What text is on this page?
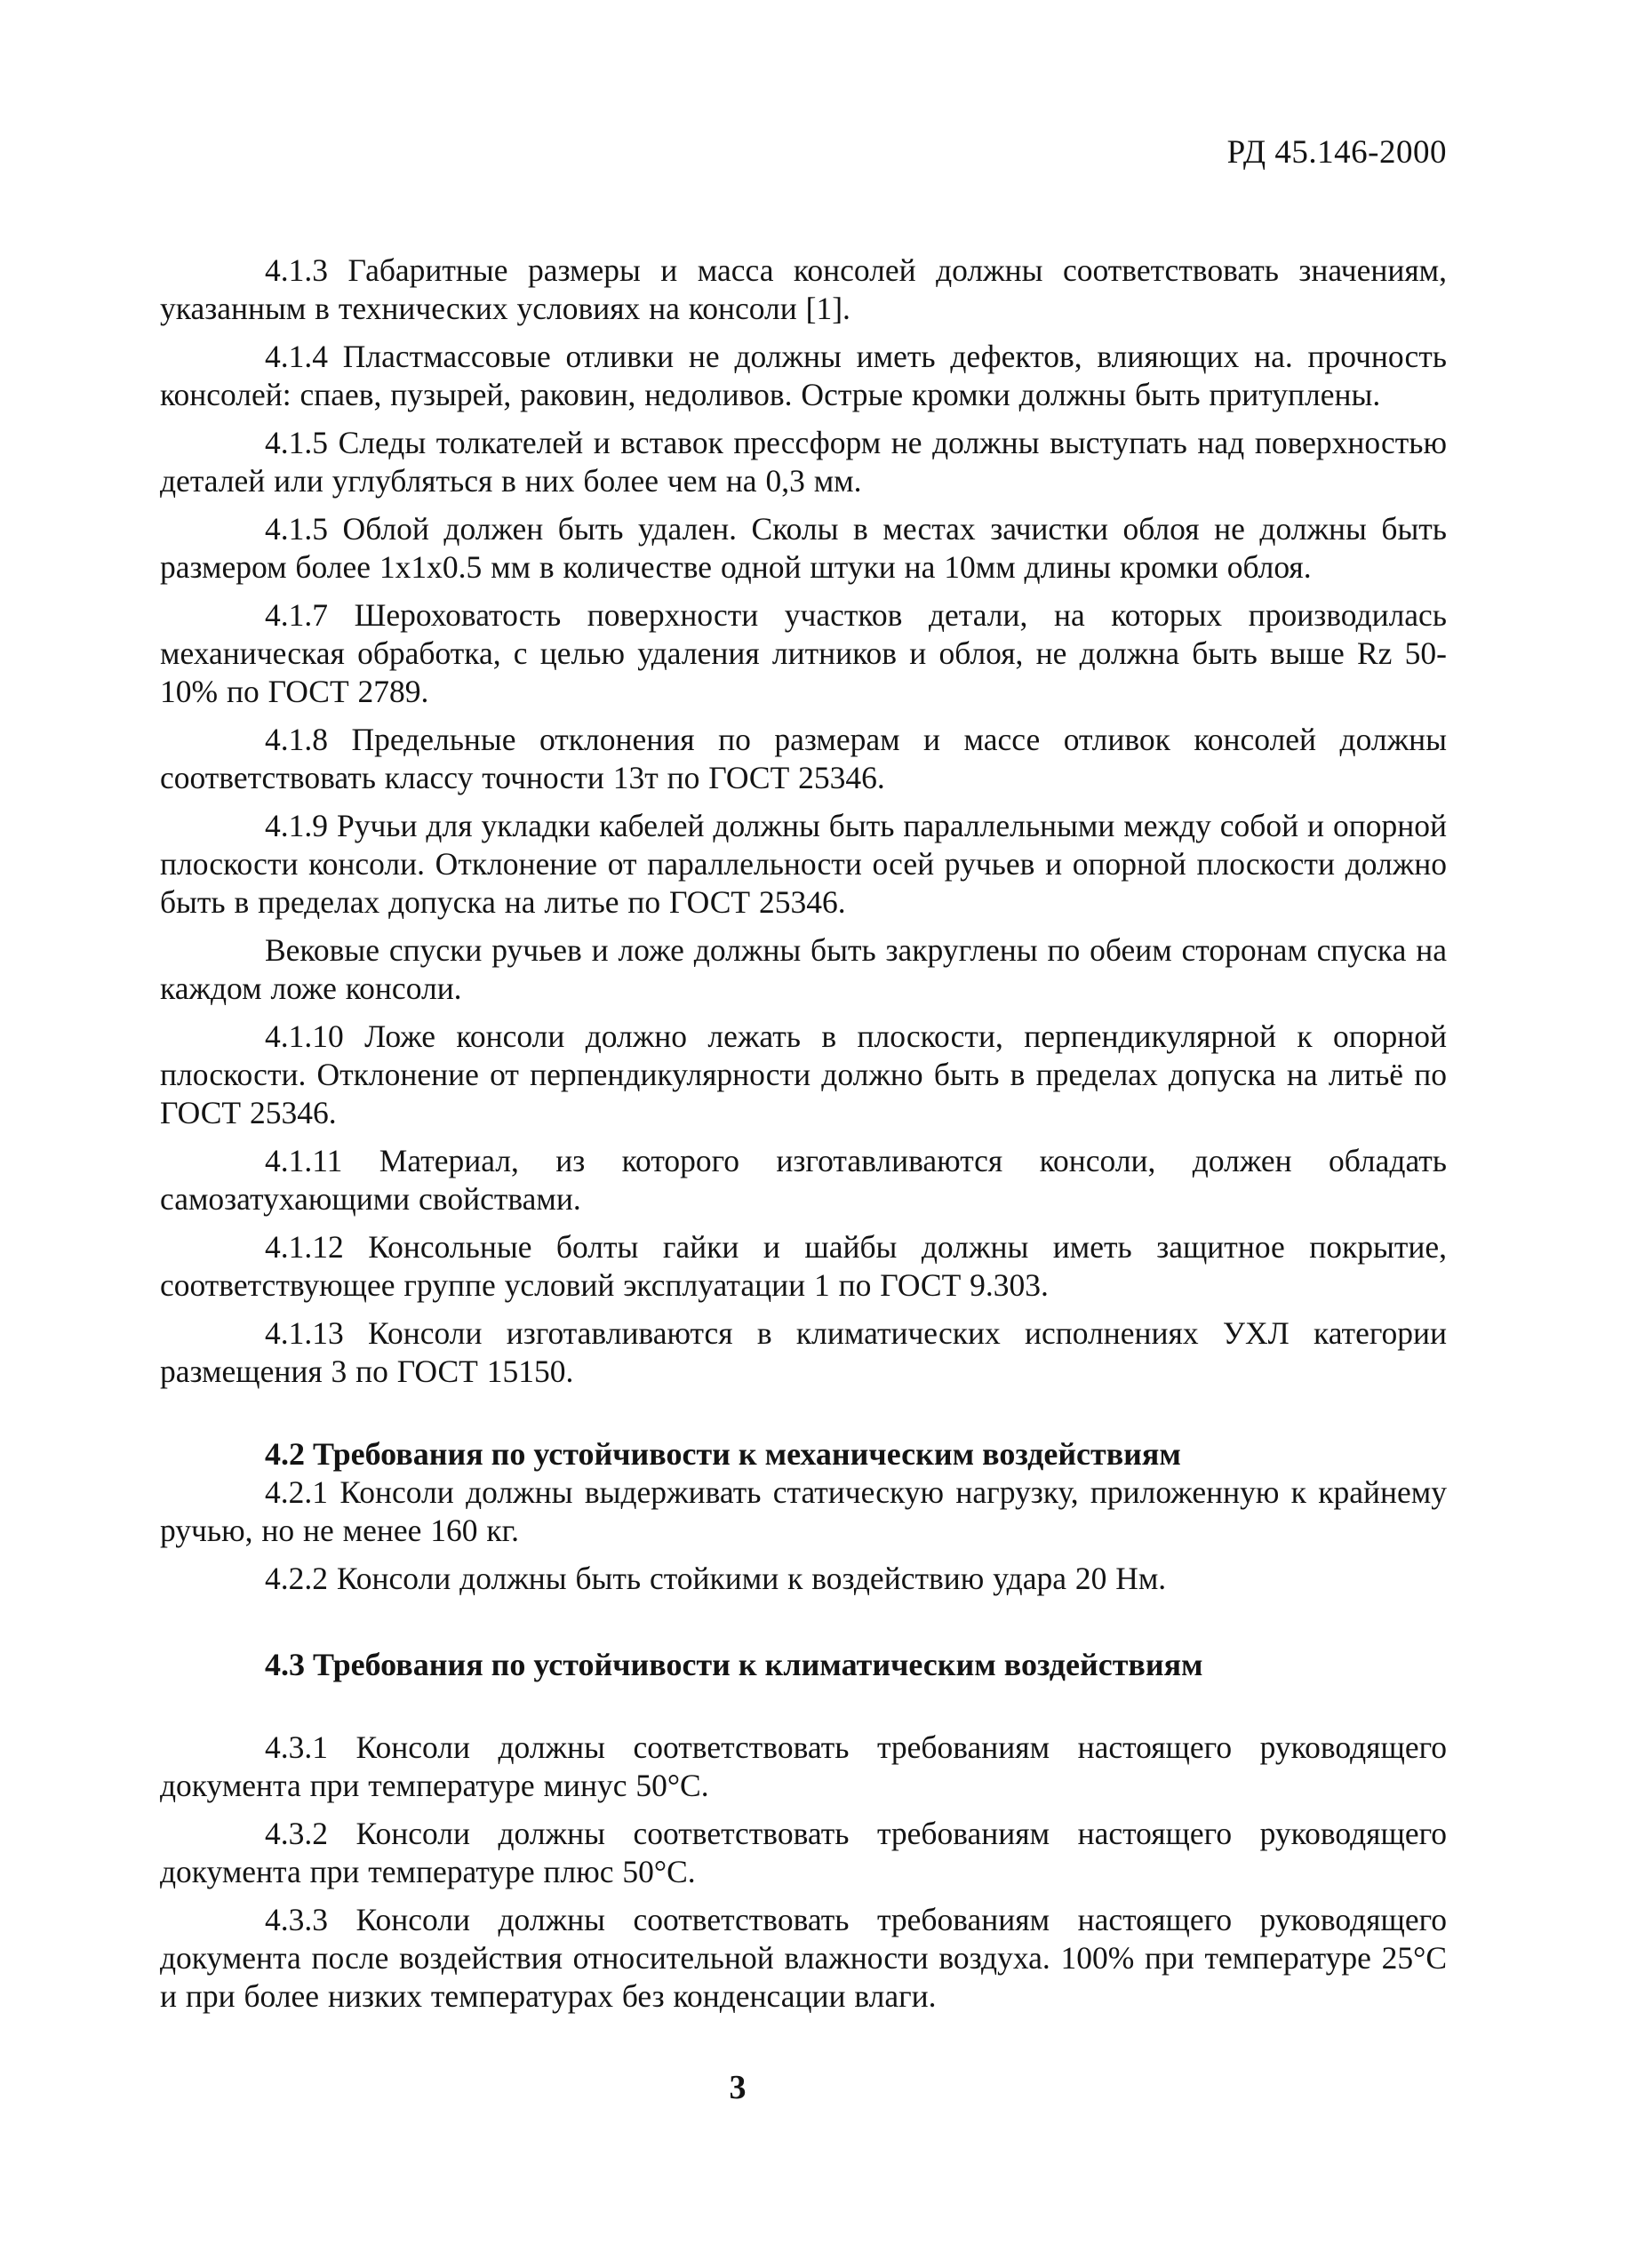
РД 45.146-2000

4.1.3 Габаритные размеры и масса консолей должны соответствовать значениям, указанным в технических условиях на консоли [1].

4.1.4 Пластмассовые отливки не должны иметь дефектов, влияющих на. прочность консолей: спаев, пузырей, раковин, недоливов. Острые кромки должны быть притуплены.

4.1.5 Следы толкателей и вставок прессформ не должны выступать над поверхностью деталей или углубляться в них более чем на 0,3 мм.

4.1.5 Облой должен быть удален. Сколы в местах зачистки облоя не должны быть размером более 1х1х0.5 мм в количестве одной штуки на 10мм длины кромки облоя.

4.1.7 Шероховатость поверхности участков детали, на которых производилась механическая обработка, с целью удаления литников и облоя, не должна быть выше Rz 50-10% по ГОСТ 2789.

4.1.8 Предельные отклонения по размерам и массе отливок консолей должны соответствовать классу точности 13т по ГОСТ 25346.

4.1.9 Ручьи для укладки кабелей должны быть параллельными между собой и опорной плоскости консоли. Отклонение от параллельности осей ручьев и опорной плоскости должно быть в пределах допуска на литье по ГОСТ 25346.

Вековые спуски ручьев и ложе должны быть закруглены по обеим сторонам спуска на каждом ложе консоли.

4.1.10 Ложе консоли должно лежать в плоскости, перпендикулярной к опорной плоскости. Отклонение от перпендикулярности должно быть в пределах допуска на литьё по ГОСТ 25346.

4.1.11 Материал, из которого изготавливаются консоли, должен обладать самозатухающими свойствами.

4.1.12 Консольные болты гайки и шайбы должны иметь защитное покрытие, соответствующее группе условий эксплуатации 1 по ГОСТ 9.303.

4.1.13 Консоли изготавливаются в климатических исполнениях УХЛ категории размещения 3 по ГОСТ 15150.

4.2 Требования по устойчивости к механическим воздействиям

4.2.1 Консоли должны выдерживать статическую нагрузку, приложенную к крайнему ручью, но не менее 160 кг.

4.2.2 Консоли должны быть стойкими к воздействию удара 20 Нм.

4.3 Требования по устойчивости к климатическим воздействиям

4.3.1 Консоли должны соответствовать требованиям настоящего руководящего документа при температуре минус 50°С.

4.3.2 Консоли должны соответствовать требованиям настоящего руководящего документа при температуре плюс 50°С.

4.3.3 Консоли должны соответствовать требованиям настоящего руководящего документа после воздействия относительной влажности воздуха. 100% при температуре 25°С и при более низких температурах без конденсации влаги.

3
